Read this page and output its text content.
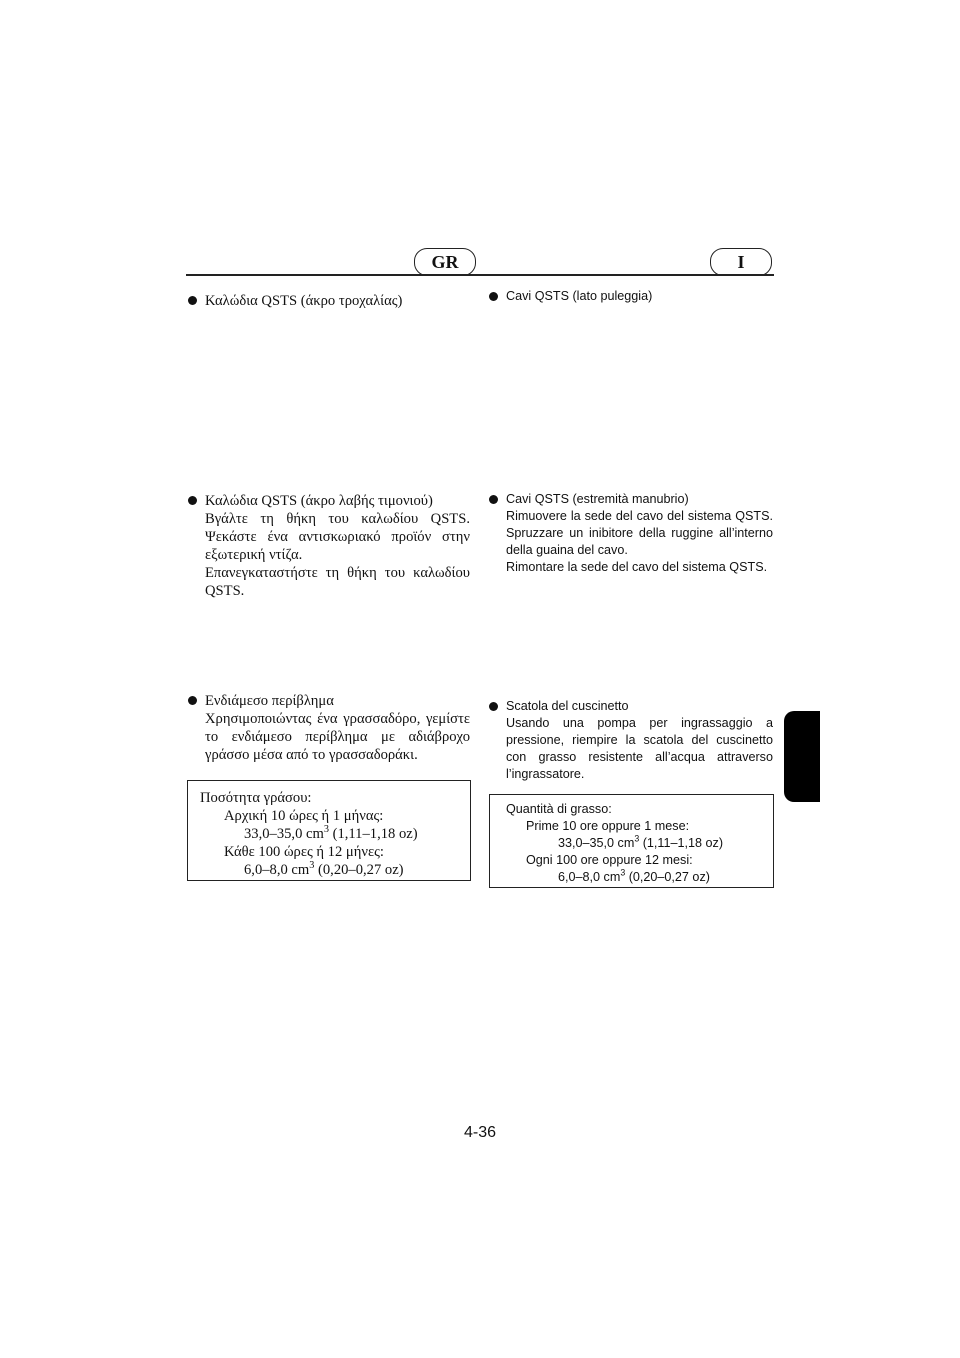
GR	I
Καλώδια QSTS (άκρο τροχαλίας)
Καλώδια QSTS (άκρο λαβής τιμονιού)
Βγάλτε τη θήκη του καλωδίου QSTS. Ψεκάστε ένα αντισκωριακό προϊόν στην εξωτερική ντίζα.
Επανεγκαταστήστε τη θήκη του καλωδίου QSTS.
Ενδιάμεσο περίβλημα
Χρησιμοποιώντας ένα γρασσαδόρο, γεμίστε το ενδιάμεσο περίβλημα με αδιάβροχο γράσσο μέσα από το γρασσαδοράκι.
Ποσότητα γράσου:
Αρχική 10 ώρες ή 1 μήνας:
33,0–35,0 $cm^3$ (1,11–1,18 oz)
Κάθε 100 ώρες ή 12 μήνες:
6,0–8,0 $cm^3$ (0,20–0,27 oz)
Cavi QSTS (lato puleggia)
Cavi QSTS (estremità manubrio)
Rimuovere la sede del cavo del sistema QSTS. Spruzzare un inibitore della ruggine all’interno della guaina del cavo.
Rimontare la sede del cavo del sistema QSTS.
Scatola del cuscinetto
Usando una pompa per ingrassaggio a pressione, riempire la scatola del cuscinetto con grasso resistente all’acqua attraverso l’ingrassatore.
Quantità di grasso:
Prime 10 ore oppure 1 mese:
33,0–35,0 $cm^3$ (1,11–1,18 oz)
Ogni 100 ore oppure 12 mesi:
6,0–8,0 $cm^3$ (0,20–0,27 oz)
4-36
